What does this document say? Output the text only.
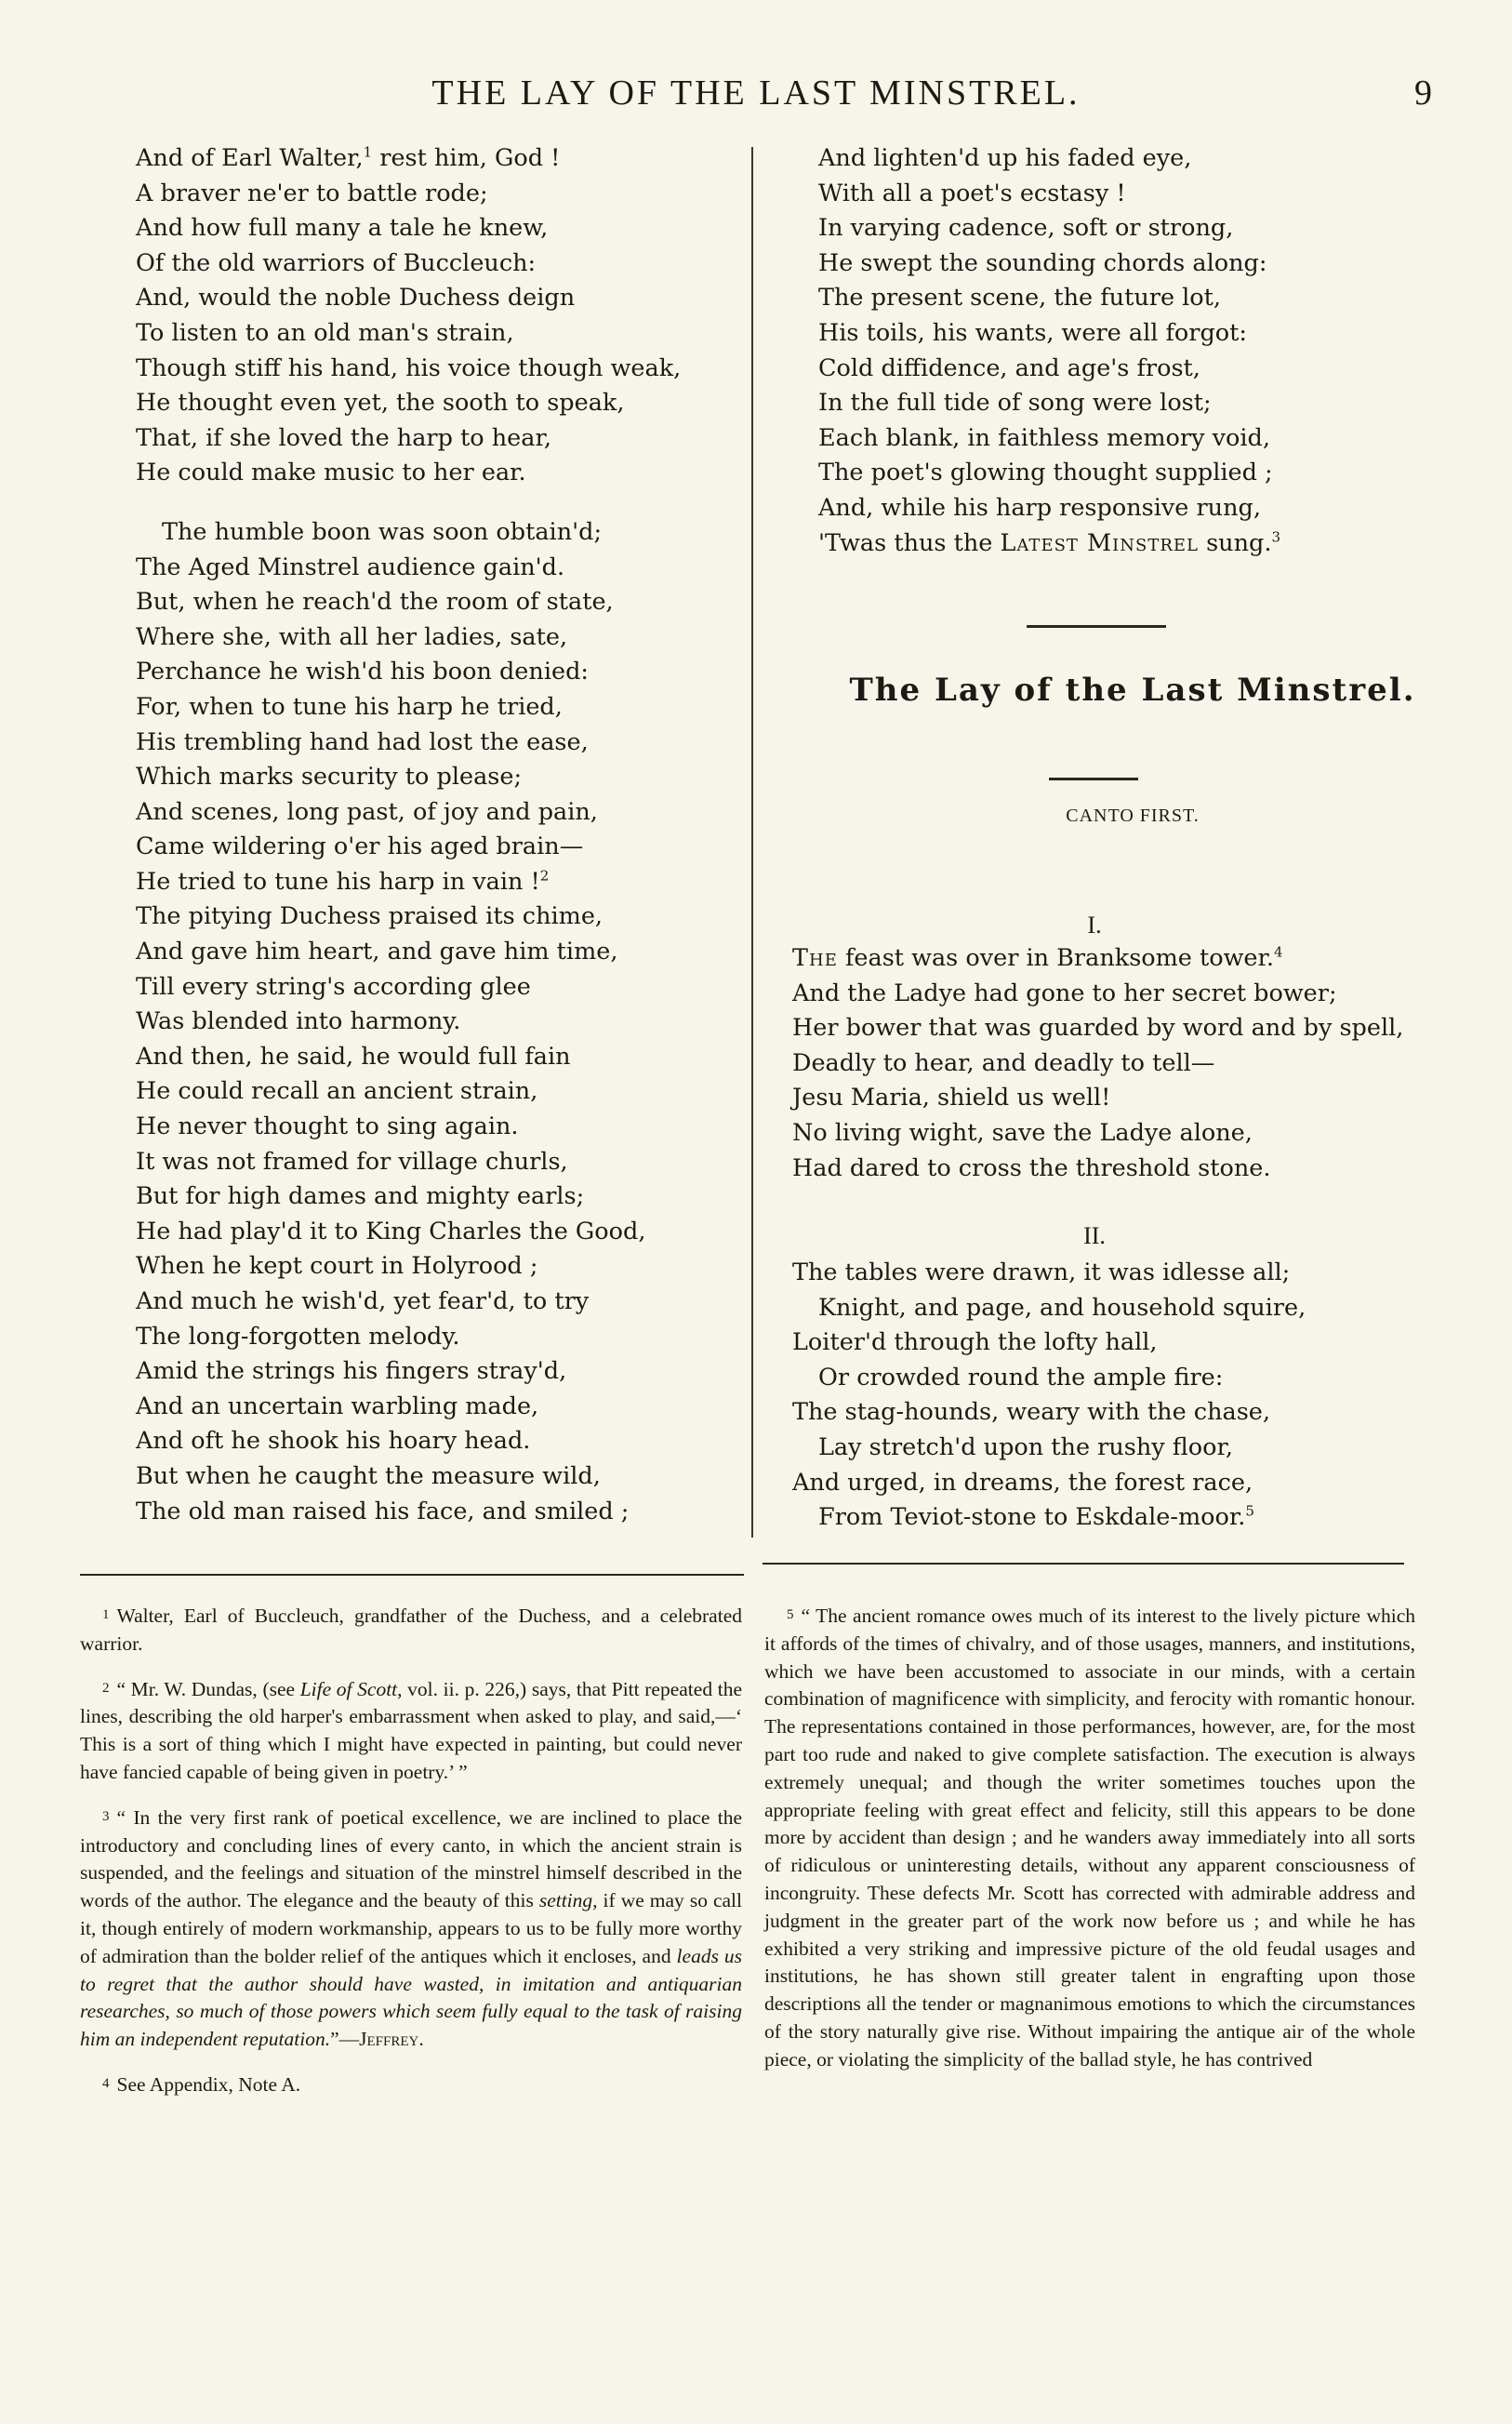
THE LAY OF THE LAST MINSTREL.	9
And of Earl Walter,$^1$ rest him, God !
A braver ne'er to battle rode;
And how full many a tale he knew,
Of the old warriors of Buccleuch:
And, would the noble Duchess deign
To listen to an old man's strain,
Though stiff his hand, his voice though weak,
He thought even yet, the sooth to speak,
That, if she loved the harp to hear,
He could make music to her ear.
The humble boon was soon obtain'd;
The Aged Minstrel audience gain'd.
But, when he reach'd the room of state,
Where she, with all her ladies, sate,
Perchance he wish'd his boon denied:
For, when to tune his harp he tried,
His trembling hand had lost the ease,
Which marks security to please;
And scenes, long past, of joy and pain,
Came wildering o'er his aged brain—
He tried to tune his harp in vain !$^2$
The pitying Duchess praised its chime,
And gave him heart, and gave him time,
Till every string's according glee
Was blended into harmony.
And then, he said, he would full fain
He could recall an ancient strain,
He never thought to sing again.
It was not framed for village churls,
But for high dames and mighty earls;
He had play'd it to King Charles the Good,
When he kept court in Holyrood ;
And much he wish'd, yet fear'd, to try
The long-forgotten melody.
Amid the strings his fingers stray'd,
And an uncertain warbling made,
And oft he shook his hoary head.
But when he caught the measure wild,
The old man raised his face, and smiled ;
And lighten'd up his faded eye,
With all a poet's ecstasy !
In varying cadence, soft or strong,
He swept the sounding chords along:
The present scene, the future lot,
His toils, his wants, were all forgot:
Cold diffidence, and age's frost,
In the full tide of song were lost;
Each blank, in faithless memory void,
The poet's glowing thought supplied ;
And, while his harp responsive rung,
'Twas thus the Latest Minstrel sung.$^3$
The Lay of the Last Minstrel.
CANTO FIRST.
I.
The feast was over in Branksome tower.$^4$
And the Ladye had gone to her secret bower;
Her bower that was guarded by word and by spell,
Deadly to hear, and deadly to tell—
Jesu Maria, shield us well!
No living wight, save the Ladye alone,
Had dared to cross the threshold stone.
II.
The tables were drawn, it was idlesse all;
Knight, and page, and household squire,
Loiter'd through the lofty hall,
Or crowded round the ample fire:
The stag-hounds, weary with the chase,
Lay stretch'd upon the rushy floor,
And urged, in dreams, the forest race,
From Teviot-stone to Eskdale-moor.$^5$

1 Walter, Earl of Buccleuch, grandfather of the Duchess, and a celebrated warrior.

2 “ Mr. W. Dundas, (see Life of Scott, vol. ii. p. 226,) says, that Pitt repeated the lines, describing the old harper's embarrassment when asked to play, and said,—‘ This is a sort of thing which I might have expected in painting, but could never have fancied capable of being given in poetry.’ ”

3 “ In the very first rank of poetical excellence, we are inclined to place the introductory and concluding lines of every canto, in which the ancient strain is suspended, and the feelings and situation of the minstrel himself described in the words of the author. The elegance and the beauty of this setting, if we may so call it, though entirely of modern workmanship, appears to us to be fully more worthy of admiration than the bolder relief of the antiques which it encloses, and leads us to regret that the author should have wasted, in imitation and antiquarian researches, so much of those powers which seem fully equal to the task of raising him an independent reputation.”—Jeffrey.

4 See Appendix, Note A.

5 “ The ancient romance owes much of its interest to the lively picture which it affords of the times of chivalry, and of those usages, manners, and institutions, which we have been accustomed to associate in our minds, with a certain combination of magnificence with simplicity, and ferocity with romantic honour. The representations contained in those performances, however, are, for the most part too rude and naked to give complete satisfaction. The execution is always extremely unequal; and though the writer sometimes touches upon the appropriate feeling with great effect and felicity, still this appears to be done more by accident than design ; and he wanders away immediately into all sorts of ridiculous or uninteresting details, without any apparent consciousness of incongruity. These defects Mr. Scott has corrected with admirable address and judgment in the greater part of the work now before us ; and while he has exhibited a very striking and impressive picture of the old feudal usages and institutions, he has shown still greater talent in engrafting upon those descriptions all the tender or magnanimous emotions to which the circumstances of the story naturally give rise. Without impairing the antique air of the whole piece, or violating the simplicity of the ballad style, he has contrived
